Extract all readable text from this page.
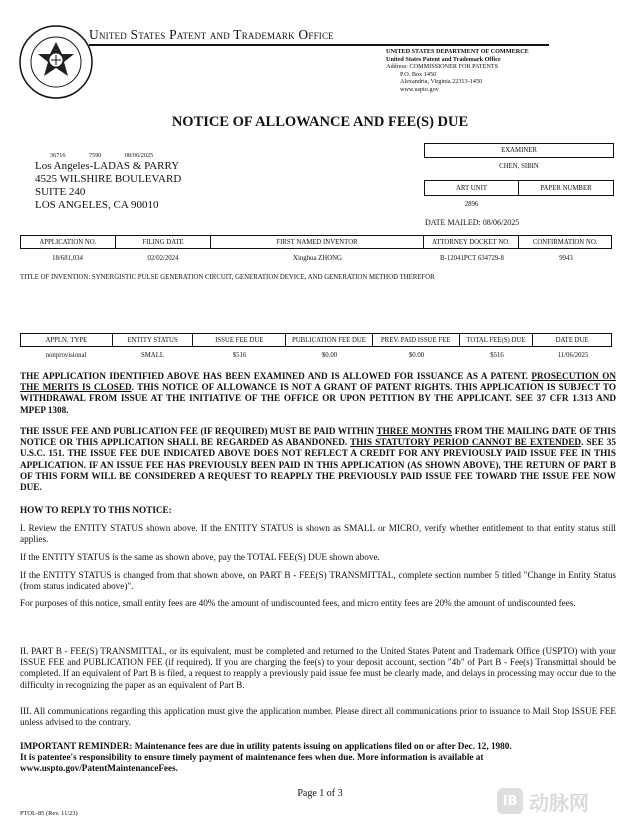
United States Patent and Trademark Office
UNITED STATES DEPARTMENT OF COMMERCE
United States Patent and Trademark Office
Address: COMMISSIONER FOR PATENTS
P.O. Box 1450
Alexandria, Virginia 22313-1450
www.uspto.gov
NOTICE OF ALLOWANCE AND FEE(S) DUE
36716	7590	08/06/2025
Los Angeles-LADAS & PARRY
4525 WILSHIRE BOULEVARD
SUITE 240
LOS ANGELES, CA 90010
EXAMINER
CHEN, SIBIN
ART UNIT	PAPER NUMBER
2896
DATE MAILED: 08/06/2025
APPLICATION NO.	FILING DATE	FIRST NAMED INVENTOR	ATTORNEY DOCKET NO.	CONFIRMATION NO.
18/681,034	02/02/2024	Xinghua ZHONG	B-12041PCT 634729-8	9943
TITLE OF INVENTION: SYNERGISTIC PULSE GENERATION CIRCUIT, GENERATION DEVICE, AND GENERATION METHOD THEREFOR
APPLN. TYPE	ENTITY STATUS	ISSUE FEE DUE	PUBLICATION FEE DUE	PREV. PAID ISSUE FEE	TOTAL FEE(S) DUE	DATE DUE
nonprovisional	SMALL	$516	$0.00	$0.00	$516	11/06/2025
THE APPLICATION IDENTIFIED ABOVE HAS BEEN EXAMINED AND IS ALLOWED FOR ISSUANCE AS A PATENT. PROSECUTION ON THE MERITS IS CLOSED. THIS NOTICE OF ALLOWANCE IS NOT A GRANT OF PATENT RIGHTS. THIS APPLICATION IS SUBJECT TO WITHDRAWAL FROM ISSUE AT THE INITIATIVE OF THE OFFICE OR UPON PETITION BY THE APPLICANT. SEE 37 CFR 1.313 AND MPEP 1308.
THE ISSUE FEE AND PUBLICATION FEE (IF REQUIRED) MUST BE PAID WITHIN THREE MONTHS FROM THE MAILING DATE OF THIS NOTICE OR THIS APPLICATION SHALL BE REGARDED AS ABANDONED. THIS STATUTORY PERIOD CANNOT BE EXTENDED. SEE 35 U.S.C. 151. THE ISSUE FEE DUE INDICATED ABOVE DOES NOT REFLECT A CREDIT FOR ANY PREVIOUSLY PAID ISSUE FEE IN THIS APPLICATION. IF AN ISSUE FEE HAS PREVIOUSLY BEEN PAID IN THIS APPLICATION (AS SHOWN ABOVE), THE RETURN OF PART B OF THIS FORM WILL BE CONSIDERED A REQUEST TO REAPPLY THE PREVIOUSLY PAID ISSUE FEE TOWARD THE ISSUE FEE NOW DUE.
HOW TO REPLY TO THIS NOTICE:
I. Review the ENTITY STATUS shown above. If the ENTITY STATUS is shown as SMALL or MICRO, verify whether entitlement to that entity status still applies.
If the ENTITY STATUS is the same as shown above, pay the TOTAL FEE(S) DUE shown above.
If the ENTITY STATUS is changed from that shown above, on PART B - FEE(S) TRANSMITTAL, complete section number 5 titled "Change in Entity Status (from status indicated above)".
For purposes of this notice, small entity fees are 40% the amount of undiscounted fees, and micro entity fees are 20% the amount of undiscounted fees.
II. PART B - FEE(S) TRANSMITTAL, or its equivalent, must be completed and returned to the United States Patent and Trademark Office (USPTO) with your ISSUE FEE and PUBLICATION FEE (if required). If you are charging the fee(s) to your deposit account, section "4b" of Part B - Fee(s) Transmittal should be completed. If an equivalent of Part B is filed, a request to reapply a previously paid issue fee must be clearly made, and delays in processing may occur due to the difficulty in recognizing the paper as an equivalent of Part B.
III. All communications regarding this application must give the application number. Please direct all communications prior to issuance to Mail Stop ISSUE FEE unless advised to the contrary.
IMPORTANT REMINDER: Maintenance fees are due in utility patents issuing on applications filed on or after Dec. 12, 1980.
It is patentee's responsibility to ensure timely payment of maintenance fees when due. More information is available at
www.uspto.gov/PatentMaintenanceFees.
Page 1 of 3
PTOL-85 (Rev. 11/23)
IB 动脉网
